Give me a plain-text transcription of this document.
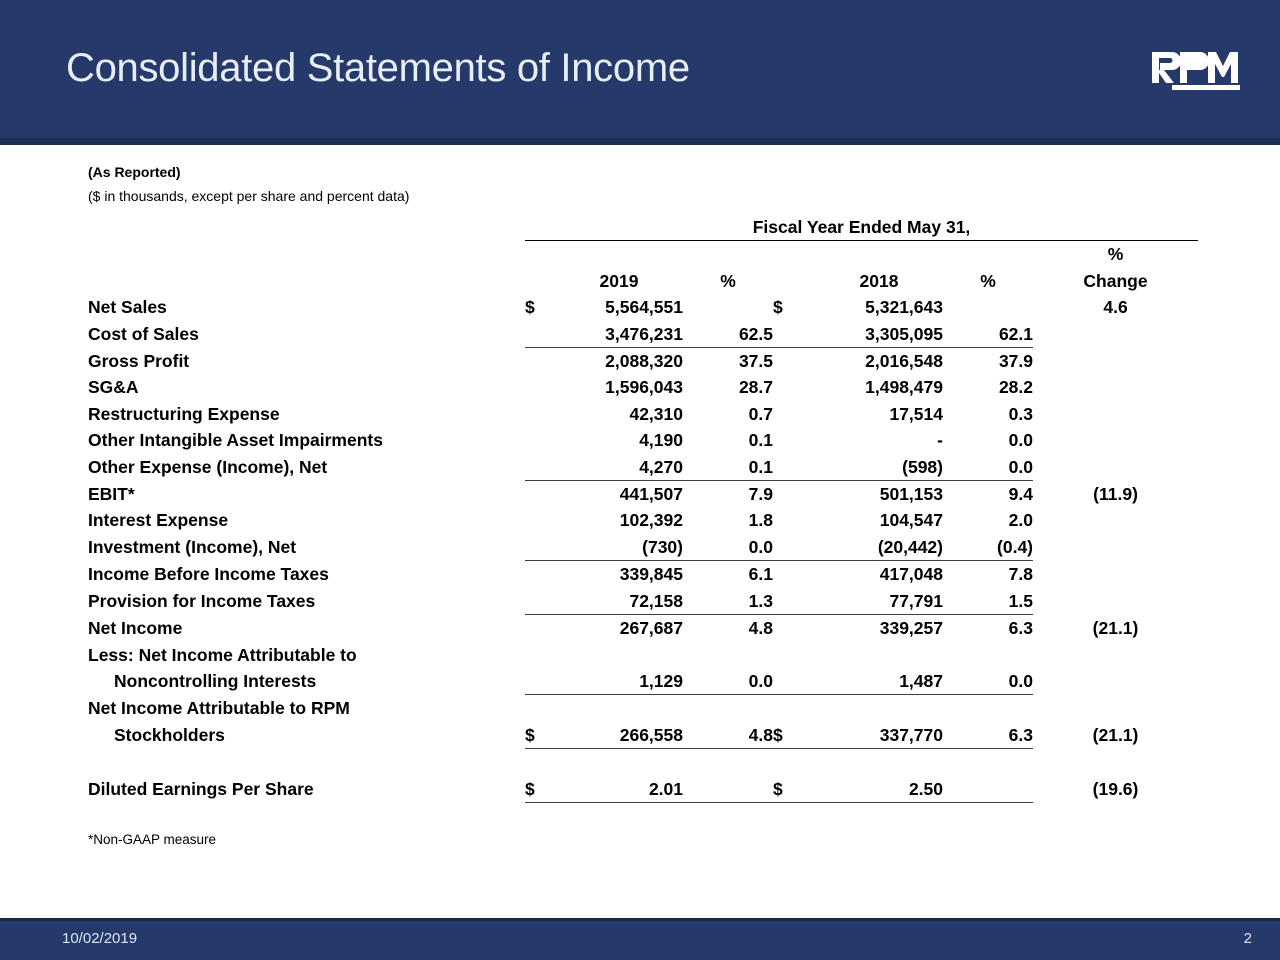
Consolidated Statements of Income
(As Reported)
($ in thousands, except per share and percent data)
	Fiscal Year Ended May 31,						
		2019	%		2018	%	%
Change
Net Sales	$	5,564,551		$	5,321,643		4.6
Cost of Sales		3,476,231	62.5		3,305,095	62.1	
Gross Profit		2,088,320	37.5		2,016,548	37.9	
SG&A		1,596,043	28.7		1,498,479	28.2	
Restructuring Expense		42,310	0.7		17,514	0.3	
Other Intangible Asset Impairments		4,190	0.1		-	0.0	
Other Expense (Income), Net		4,270	0.1		(598)	0.0	
EBIT*		441,507	7.9		501,153	9.4	(11.9)
Interest Expense		102,392	1.8		104,547	2.0	
Investment (Income), Net		(730)	0.0		(20,442)	(0.4)	
Income Before Income Taxes		339,845	6.1		417,048	7.8	
Provision for Income Taxes		72,158	1.3		77,791	1.5	
Net Income		267,687	4.8		339,257	6.3	(21.1)
Less: Net Income Attributable to							
Noncontrolling Interests		1,129	0.0		1,487	0.0	
Net Income Attributable to RPM							
Stockholders	$	266,558	4.8	$	337,770	6.3	(21.1)

Diluted Earnings Per Share	$	2.01		$	2.50		(19.6)
*Non-GAAP measure
10/02/2019	2
